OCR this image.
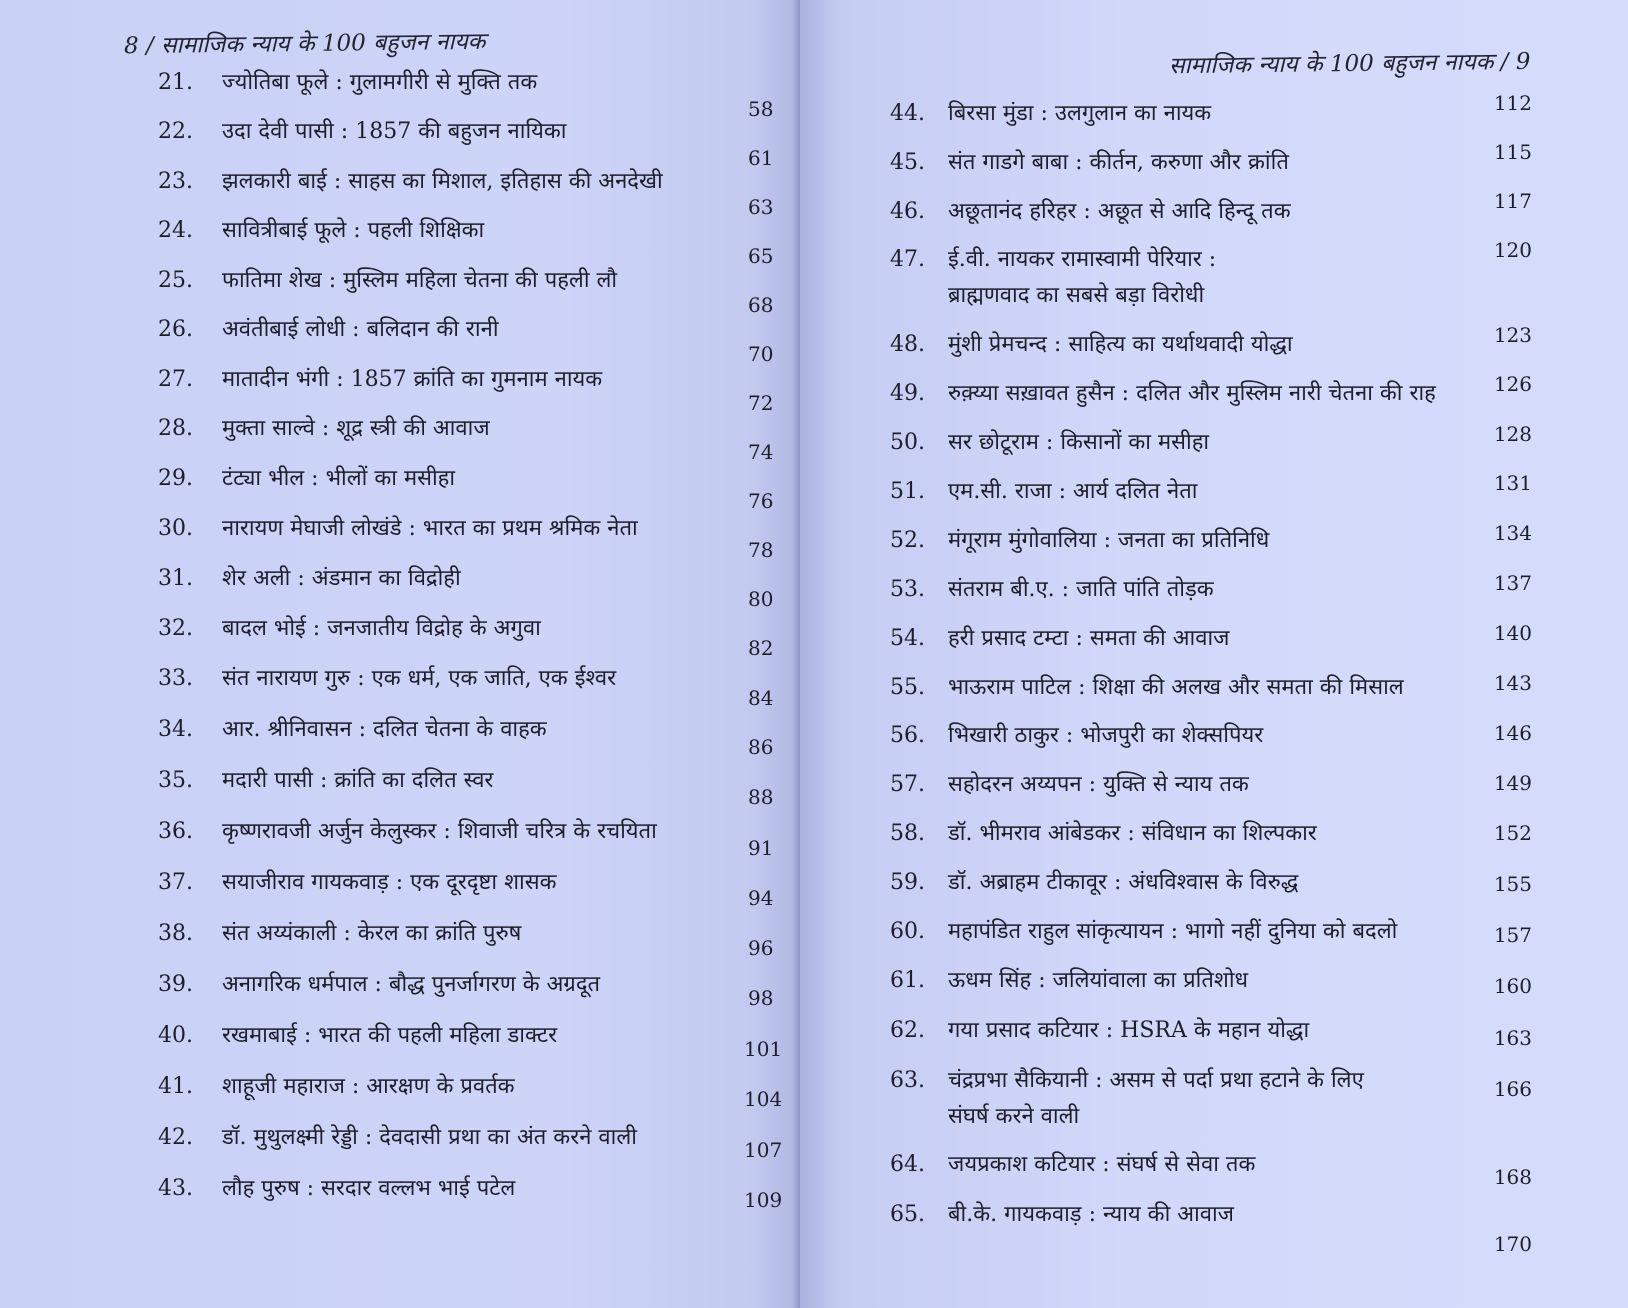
8 / सामाजिक न्याय के 100 बहुजन नायक
21. ज्योतिबा फूले : गुलामगीरी से मुक्ति तक
58
22. उदा देवी पासी : 1857 की बहुजन नायिका
61
23. झलकारी बाई : साहस का मिशाल, इतिहास की अनदेखी
63
24. सावित्रीबाई फूले : पहली शिक्षिका
65
25. फातिमा शेख : मुस्लिम महिला चेतना की पहली लौ
68
26. अवंतीबाई लोधी : बलिदान की रानी
70
27. मातादीन भंगी : 1857 क्रांति का गुमनाम नायक
72
28. मुक्ता साल्वे : शूद्र स्त्री की आवाज
74
29. टंट्या भील : भीलों का मसीहा
76
30. नारायण मेघाजी लोखंडे : भारत का प्रथम श्रमिक नेता
78
31. शेर अली : अंडमान का विद्रोही
80
32. बादल भोई : जनजातीय विद्रोह के अगुवा
82
33. संत नारायण गुरु : एक धर्म, एक जाति, एक ईश्वर
84
34. आर. श्रीनिवासन : दलित चेतना के वाहक
86
35. मदारी पासी : क्रांति का दलित स्वर
88
36. कृष्णरावजी अर्जुन केलुस्कर : शिवाजी चरित्र के रचयिता
91
37. सयाजीराव गायकवाड़ : एक दूरदृष्टा शासक
94
38. संत अय्यंकाली : केरल का क्रांति पुरुष
96
39. अनागरिक धर्मपाल : बौद्ध पुनर्जागरण के अग्रदूत
98
40. रखमाबाई : भारत की पहली महिला डाक्टर
101
41. शाहूजी महाराज : आरक्षण के प्रवर्तक	104
42. डॉ. मुथुलक्ष्मी रेड्डी : देवदासी प्रथा का अंत करने वाली	107
43. लौह पुरुष : सरदार वल्लभ भाई पटेल	109
सामाजिक न्याय के 100 बहुजन नायक / 9
44. बिरसा मुंडा : उलगुलान का नायक	112
45. संत गाडगे बाबा : कीर्तन, करुणा और क्रांति	115
46. अछूतानंद हरिहर : अछूत से आदि हिन्दू तक	117
47. ई.वी. नायकर रामास्वामी पेरियार :
ब्राह्मणवाद का सबसे बड़ा विरोधी
120
48. मुंशी प्रेमचन्द : साहित्य का यर्थाथवादी योद्धा	123
49. रुक़्य्या सख़ावत हुसैन : दलित और मुस्लिम नारी चेतना की राह	126
50. सर छोटूराम : किसानों का मसीहा	128
51. एम.सी. राजा : आर्य दलित नेता	131
52. मंगूराम मुंगोवालिया : जनता का प्रतिनिधि	134
53. संतराम बी.ए. : जाति पांति तोड़क	137
54. हरी प्रसाद टम्टा : समता की आवाज	140
55. भाऊराम पाटिल : शिक्षा की अलख और समता की मिसाल	143
56. भिखारी ठाकुर : भोजपुरी का शेक्सपियर	146
57. सहोदरन अय्यपन : युक्ति से न्याय तक	149
58. डॉ. भीमराव आंबेडकर : संविधान का शिल्पकार	152
59. डॉ. अब्राहम टीकावूर : अंधविश्वास के विरुद्ध	155
60. महापंडित राहुल सांकृत्यायन : भागो नहीं दुनिया को बदलो	157
61. ऊधम सिंह : जलियांवाला का प्रतिशोध	160
62. गया प्रसाद कटियार : HSRA के महान योद्धा	163
63. चंद्रप्रभा सैकियानी : असम से पर्दा प्रथा हटाने के लिए
संघर्ष करने वाली
166
64. जयप्रकाश कटियार : संघर्ष से सेवा तक	168
65. बी.के. गायकवाड़ : न्याय की आवाज
170
